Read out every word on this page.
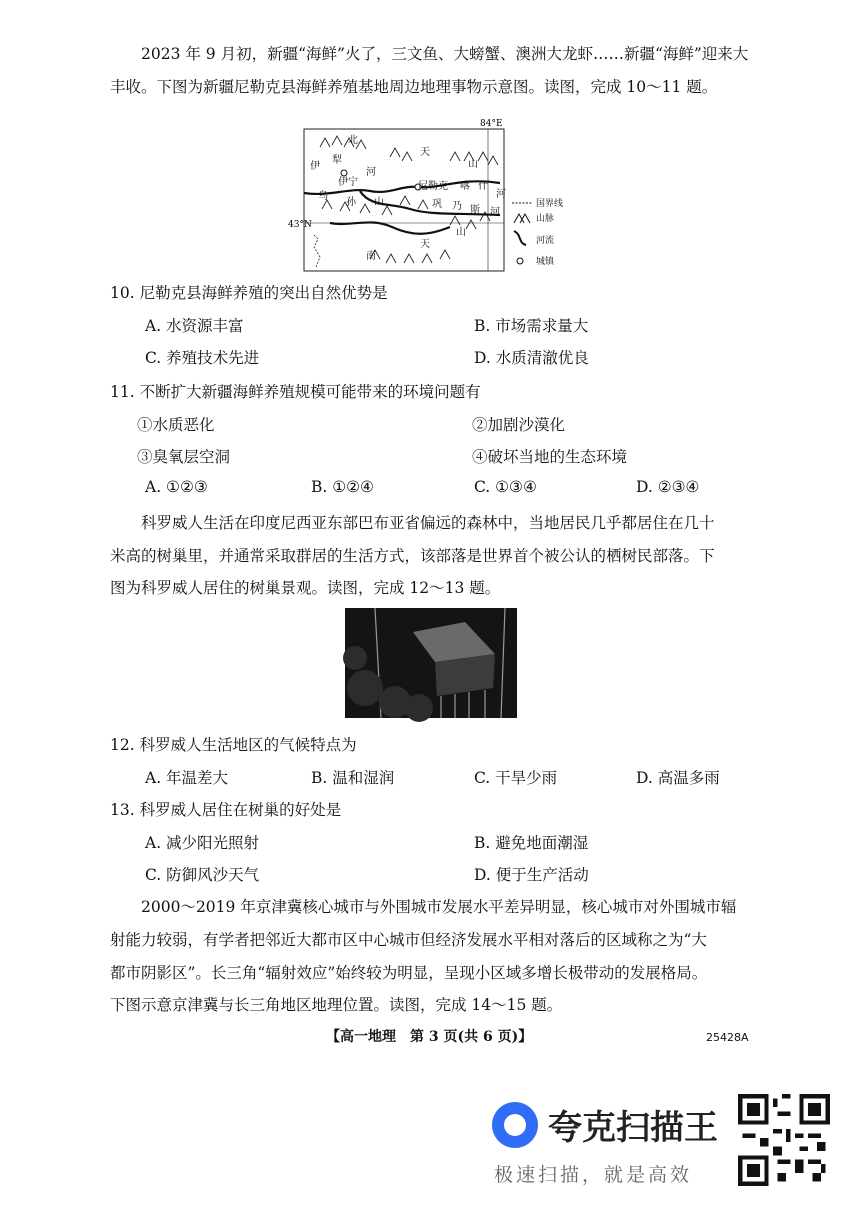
2023 年 9 月初，新疆“海鲜”火了，三文鱼、大螃蟹、澳洲大龙虾……新疆“海鲜”迎来大
丰收。下图为新疆尼勒克县海鲜养殖基地周边地理事物示意图。读图，完成 10～11 题。
84°E
43°N
北
天
山
伊
犁
河
伊宁	尼勒克 喀 什
河
乌
孙 山	巩 乃 斯 河
山
南
天
国界线
山脉
河流
城镇
10. 尼勒克县海鲜养殖的突出自然优势是
A. 水资源丰富	B. 市场需求量大
C. 养殖技术先进	D. 水质清澈优良
11. 不断扩大新疆海鲜养殖规模可能带来的环境问题有
①水质恶化	②加剧沙漠化
③臭氧层空洞	④破坏当地的生态环境
A. ①②③	B. ①②④	C. ①③④	D. ②③④
科罗威人生活在印度尼西亚东部巴布亚省偏远的森林中，当地居民几乎都居住在几十
米高的树巢里，并通常采取群居的生活方式，该部落是世界首个被公认的栖树民部落。下
图为科罗威人居住的树巢景观。读图，完成 12～13 题。
12. 科罗威人生活地区的气候特点为
A. 年温差大	B. 温和湿润	C. 干旱少雨	D. 高温多雨
13. 科罗威人居住在树巢的好处是
A. 减少阳光照射	B. 避免地面潮湿
C. 防御风沙天气	D. 便于生产活动
2000～2019 年京津冀核心城市与外围城市发展水平差异明显，核心城市对外围城市辐
射能力较弱，有学者把邻近大都市区中心城市但经济发展水平相对落后的区域称之为“大
都市阴影区”。长三角“辐射效应”始终较为明显，呈现小区域多增长极带动的发展格局。
下图示意京津冀与长三角地区地理位置。读图，完成 14～15 题。
【高一地理　第 3 页(共 6 页)】	25428A
夸克扫描王
极速扫描，就是高效
